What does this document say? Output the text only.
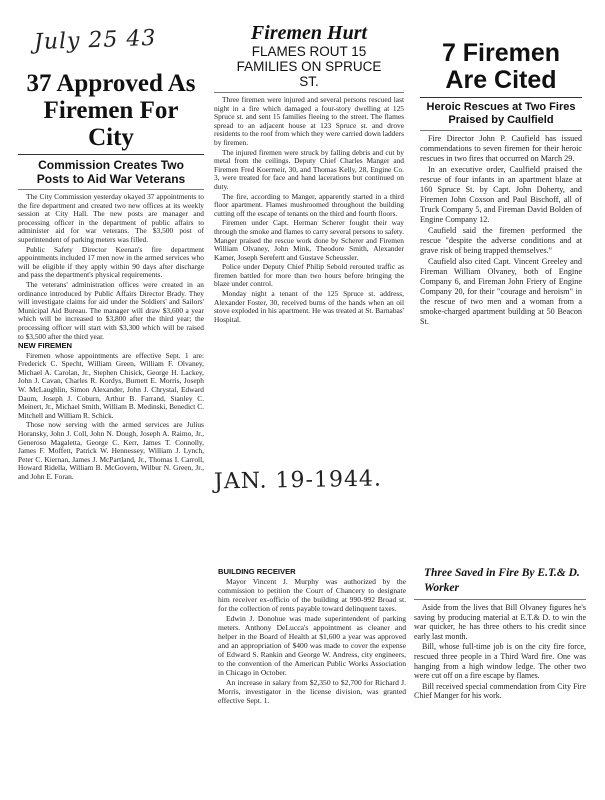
July 25 43
37 Approved As Firemen For City
Commission Creates Two Posts to Aid War Veterans

The City Commission yesterday okayed 37 appointments to the fire department and created two new offices at its weekly session at City Hall. The new posts are manager and processing officer in the department of public affairs to administer aid for war veterans. The $3,500 post of superintendent of parking meters was filled.

Public Safety Director Keenan's fire department appointments included 17 men now in the armed services who will be eligible if they apply within 90 days after discharge and pass the department's physical requirements.

The veterans' administration offices were created in an ordinance introduced by Public Affairs Director Brady. They will investigate claims for aid under the Soldiers' and Sailors' Municipal Aid Bureau. The manager will draw $3,600 a year which will be increased to $3,800 after the third year; the processing officer will start with $3,300 which will be raised to $3,500 after the third year.

NEW FIREMEN

Firemen whose appointments are effective Sept. 1 are: Frederick C. Specht, William Green, William F. Olvaney, Michael A. Carolan, Jr., Stephen Chisick, George H. Lackey, John J. Cavan, Charles R. Kordys, Burnett E. Morris, Joseph W. McLaughlin, Simon Alexander, John J. Chrystal, Edward Daum, Joseph J. Coburn, Arthur B. Farrand, Stanley C. Meinert, Jr., Michael Smith, William B. Medinski, Benedict C. Mitchell and William R. Schick.

Those now serving with the armed services are Julius Horansky, John J. Coll, John N. Dough, Joseph A. Raimo, Jr., Generoso Magaletta, George C. Kerr, James T. Connolly, James F. Moffett, Patrick W. Hennessey, William J. Lynch, Peter C. Kiernan, James J. McPartland, Jr., Thomas I. Carroll, Howard Ridella, William B. McGovern, Wilbur N. Green, Jr., and John E. Foran.

Firemen Hurt
FLAMES ROUT 15 FAMILIES ON SPRUCE ST.

Three firemen were injured and several persons rescued last night in a fire which damaged a four-story dwelling at 125 Spruce st. and sent 15 families fleeing to the street. The flames spread to an adjacent house at 123 Spruce st. and drove residents to the roof from which they were carried down ladders by firemen.

The injured firemen were struck by falling debris and cut by metal from the ceilings. Deputy Chief Charles Manger and Firemen Fred Koermeir, 30, and Thomas Kelly, 28, Engine Co. 3, were treated for face and hand lacerations but continued on duty.

The fire, according to Manger, apparently started in a third floor apartment. Flames mushroomed throughout the building cutting off the escape of tenants on the third and fourth floors.

Firemen under Capt. Herman Scherer fought their way through the smoke and flames to carry several persons to safety. Manger praised the rescue work done by Scherer and Firemen William Olvaney, John Mink, Theodore Smith, Alexander Kamer, Joseph Serefertt and Gustave Scheussler.

Police under Deputy Chief Philip Sebold rerouted traffic as firemen battled for more than two hours before bringing the blaze under control.

Monday night a tenant of the 125 Spruce st. address, Alexander Foster, 30, received burns of the hands when an oil stove exploded in his apartment. He was treated at St. Barnabas' Hospital.

JAN. 19-1944.
BUILDING RECEIVER

Mayor Vincent J. Murphy was authorized by the commission to petition the Court of Chancery to designate him receiver ex-officio of the building at 990-992 Broad st. for the collection of rents payable toward delinquent taxes.

Edwin J. Donohue was made superintendent of parking meters. Anthony DeLucca's appointment as cleaner and helper in the Board of Health at $1,600 a year was approved and an appropriation of $400 was made to cover the expense of Edward S. Rankin and George W. Andress, city engineers, to the convention of the American Public Works Association in Chicago in October.

An increase in salary from $2,350 to $2,700 for Richard J. Morris, investigator in the license division, was granted effective Sept. 1.

7 Firemen Are Cited
Heroic Rescues at Two Fires Praised by Caulfield

Fire Director John P. Caufield has issued commendations to seven firemen for their heroic rescues in two fires that occurred on March 29.

In an executive order, Caulfield praised the rescue of four infants in an apartment blaze at 160 Spruce St. by Capt. John Doherty, and Firemen John Coxson and Paul Bischoff, all of Truck Company 5, and Fireman David Bolden of Engine Company 12.

Caufield said the firemen performed the rescue "despite the adverse conditions and at grave risk of being trapped themselves."

Caufield also cited Capt. Vincent Greeley and Fireman William Olvaney, both of Engine Company 6, and Fireman John Friery of Engine Company 20, for their "courage and heroism" in the rescue of two men and a woman from a smoke-charged apartment building at 50 Beacon St.

Three Saved in Fire By E.T.& D. Worker

Aside from the lives that Bill Olvaney figures he's saving by producing material at E.T.& D. to win the war quicker, he has three others to his credit since early last month.

Bill, whose full-time job is on the city fire force, rescued three people in a Third Ward fire. One was hanging from a high window ledge. The other two were cut off on a fire escape by flames.

Bill received special commendation from City Fire Chief Manger for his work.
